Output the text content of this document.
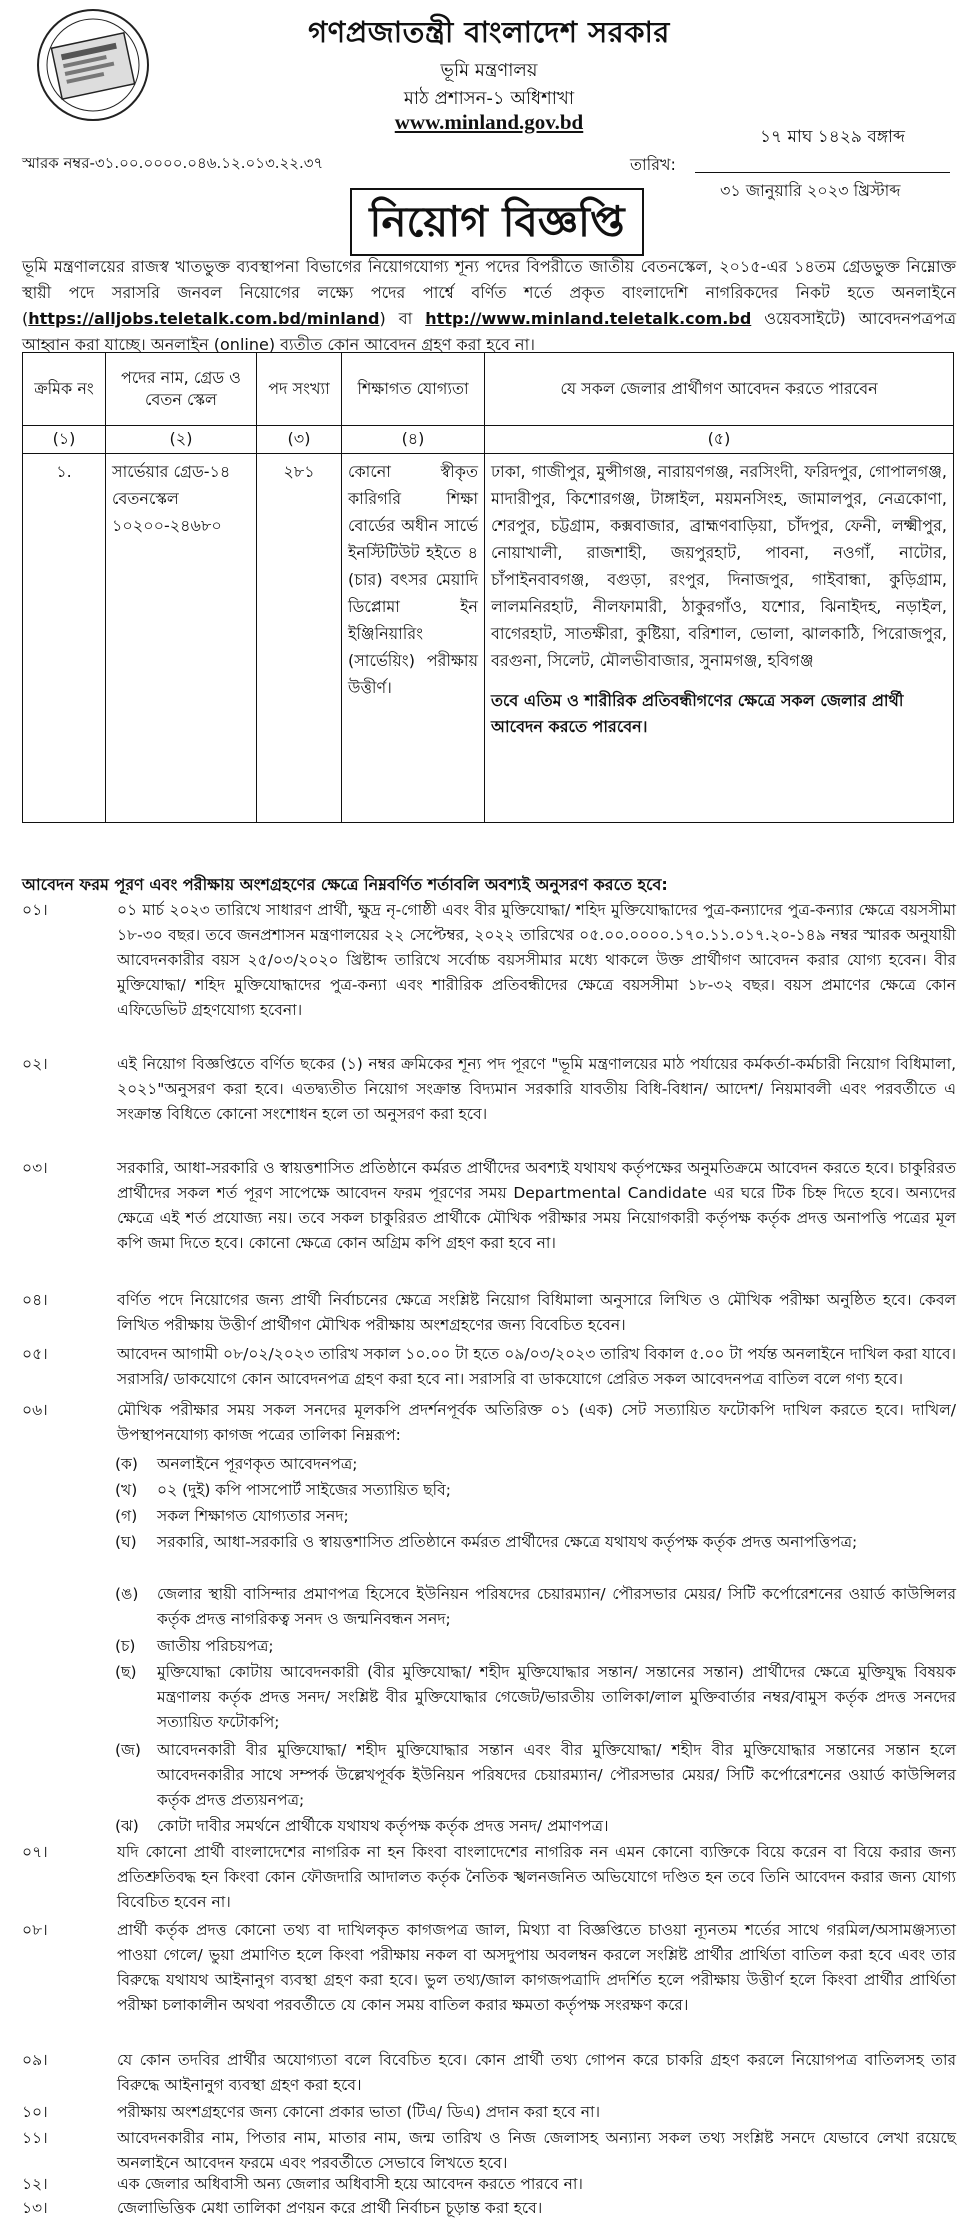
গণপ্রজাতন্ত্রী বাংলাদেশ সরকার
ভূমি মন্ত্রণালয়
মাঠ প্রশাসন-১ অধিশাখা
www.minland.gov.bd
১৭ মাঘ ১৪২৯ বঙ্গাব্দ
স্মারক নম্বর-৩১.০০.০০০০.০৪৬.১২.০১৩.২২.৩৭	তারিখ:
৩১ জানুয়ারি ২০২৩ খ্রিস্টাব্দ
নিয়োগ বিজ্ঞপ্তি
ভূমি মন্ত্রণালয়ের রাজস্ব খাতভুক্ত ব্যবস্থাপনা বিভাগের নিয়োগযোগ্য শূন্য পদের বিপরীতে জাতীয় বেতনস্কেল, ২০১৫-এর ১৪তম গ্রেডভুক্ত নিম্নোক্ত স্থায়ী পদে সরাসরি জনবল নিয়োগের লক্ষ্যে পদের পার্শ্বে বর্ণিত শর্তে প্রকৃত বাংলাদেশি নাগরিকদের নিকট হতে অনলাইনে (https://alljobs.teletalk.com.bd/minland) বা http://www.minland.teletalk.com.bd ওয়েবসাইটে) আবেদনপত্রপত্র আহ্বান করা যাচ্ছে। অনলাইন (online) ব্যতীত কোন আবেদন গ্রহণ করা হবে না।
ক্রমিক নং	পদের নাম, গ্রেড ও বেতন স্কেল	পদ সংখ্যা	শিক্ষাগত যোগ্যতা	যে সকল জেলার প্রার্থীগণ আবেদন করতে পারবেন
(১)	(২)	(৩)	(৪)	(৫)
১.	সার্ভেয়ার গ্রেড-১৪ বেতনস্কেল ১০২০০-২৪৬৮০	২৮১	কোনো স্বীকৃত কারিগরি শিক্ষা বোর্ডের অধীন সার্ভে ইনস্টিটিউট হইতে ৪ (চার) বৎসর মেয়াদি ডিপ্লোমা ইন ইঞ্জিনিয়ারিং (সার্ভেয়িং) পরীক্ষায় উত্তীর্ণ।	ঢাকা, গাজীপুর, মুন্সীগঞ্জ, নারায়ণগঞ্জ, নরসিংদী, ফরিদপুর, গোপালগঞ্জ, মাদারীপুর, কিশোরগঞ্জ, টাঙ্গাইল, ময়মনসিংহ, জামালপুর, নেত্রকোণা, শেরপুর, চট্টগ্রাম, কক্সবাজার, ব্রাহ্মণবাড়িয়া, চাঁদপুর, ফেনী, লক্ষ্মীপুর, নোয়াখালী, রাজশাহী, জয়পুরহাট, পাবনা, নওগাঁ, নাটোর, চাঁপাইনবাবগঞ্জ, বগুড়া, রংপুর, দিনাজপুর, গাইবান্ধা, কুড়িগ্রাম, লালমনিরহাট, নীলফামারী, ঠাকুরগাঁও, যশোর, ঝিনাইদহ, নড়াইল, বাগেরহাট, সাতক্ষীরা, কুষ্টিয়া, বরিশাল, ভোলা, ঝালকাঠি, পিরোজপুর, বরগুনা, সিলেট, মৌলভীবাজার, সুনামগঞ্জ, হবিগঞ্জ
তবে এতিম ও শারীরিক প্রতিবন্ধীগণের ক্ষেত্রে সকল জেলার প্রার্থী আবেদন করতে পারবেন।
আবেদন ফরম পূরণ এবং পরীক্ষায় অংশগ্রহণের ক্ষেত্রে নিম্নবর্ণিত শর্তাবলি অবশ্যই অনুসরণ করতে হবে:
০১।	০১ মার্চ ২০২৩ তারিখে সাধারণ প্রার্থী, ক্ষুদ্র নৃ-গোষ্ঠী এবং বীর মুক্তিযোদ্ধা/ শহিদ মুক্তিযোদ্ধাদের পুত্র-কন্যাদের পুত্র-কন্যার ক্ষেত্রে বয়সসীমা ১৮-৩০ বছর। তবে জনপ্রশাসন মন্ত্রণালয়ের ২২ সেপ্টেম্বর, ২০২২ তারিখের ০৫.০০.০০০০.১৭০.১১.০১৭.২০-১৪৯ নম্বর স্মারক অনুযায়ী আবেদনকারীর বয়স ২৫/০৩/২০২০ খ্রিষ্টাব্দ তারিখে সর্বোচ্চ বয়সসীমার মধ্যে থাকলে উক্ত প্রার্থীগণ আবেদন করার যোগ্য হবেন। বীর মুক্তিযোদ্ধা/ শহিদ মুক্তিযোদ্ধাদের পুত্র-কন্যা এবং শারীরিক প্রতিবন্ধীদের ক্ষেত্রে বয়সসীমা ১৮-৩২ বছর। বয়স প্রমাণের ক্ষেত্রে কোন এফিডেভিট গ্রহণযোগ্য হবেনা।
০২।	এই নিয়োগ বিজ্ঞপ্তিতে বর্ণিত ছকের (১) নম্বর ক্রমিকের শূন্য পদ পূরণে "ভূমি মন্ত্রণালয়ের মাঠ পর্যায়ের কর্মকর্তা-কর্মচারী নিয়োগ বিধিমালা, ২০২১"অনুসরণ করা হবে। এতদ্ব্যতীত নিয়োগ সংক্রান্ত বিদ্যমান সরকারি যাবতীয় বিধি-বিধান/ আদেশ/ নিয়মাবলী এবং পরবর্তীতে এ সংক্রান্ত বিধিতে কোনো সংশোধন হলে তা অনুসরণ করা হবে।
০৩।	সরকারি, আধা-সরকারি ও স্বায়ত্তশাসিত প্রতিষ্ঠানে কর্মরত প্রার্থীদের অবশ্যই যথাযথ কর্তৃপক্ষের অনুমতিক্রমে আবেদন করতে হবে। চাকুরিরত প্রার্থীদের সকল শর্ত পূরণ সাপেক্ষে আবেদন ফরম পূরণের সময় Departmental Candidate এর ঘরে টিক চিহ্ন দিতে হবে। অন্যদের ক্ষেত্রে এই শর্ত প্রযোজ্য নয়। তবে সকল চাকুরিরত প্রার্থীকে মৌখিক পরীক্ষার সময় নিয়োগকারী কর্তৃপক্ষ কর্তৃক প্রদত্ত অনাপত্তি পত্রের মূল কপি জমা দিতে হবে। কোনো ক্ষেত্রে কোন অগ্রিম কপি গ্রহণ করা হবে না।
০৪।	বর্ণিত পদে নিয়োগের জন্য প্রার্থী নির্বাচনের ক্ষেত্রে সংশ্লিষ্ট নিয়োগ বিধিমালা অনুসারে লিখিত ও মৌখিক পরীক্ষা অনুষ্ঠিত হবে। কেবল লিখিত পরীক্ষায় উত্তীর্ণ প্রার্থীগণ মৌখিক পরীক্ষায় অংশগ্রহণের জন্য বিবেচিত হবেন।
০৫।	আবেদন আগামী ০৮/০২/২০২৩ তারিখ সকাল ১০.০০ টা হতে ০৯/০৩/২০২৩ তারিখ বিকাল ৫.০০ টা পর্যন্ত অনলাইনে দাখিল করা যাবে। সরাসরি/ ডাকযোগে কোন আবেদনপত্র গ্রহণ করা হবে না। সরাসরি বা ডাকযোগে প্রেরিত সকল আবেদনপত্র বাতিল বলে গণ্য হবে।
০৬।	মৌখিক পরীক্ষার সময় সকল সনদের মূলকপি প্রদর্শনপূর্বক অতিরিক্ত ০১ (এক) সেট সত্যায়িত ফটোকপি দাখিল করতে হবে। দাখিল/ উপস্থাপনযোগ্য কাগজ পত্রের তালিকা নিম্নরূপ:
(ক) অনলাইনে পূরণকৃত আবেদনপত্র;
(খ) ০২ (দুই) কপি পাসপোর্ট সাইজের সত্যায়িত ছবি;
(গ) সকল শিক্ষাগত যোগ্যতার সনদ;
(ঘ) সরকারি, আধা-সরকারি ও স্বায়ত্তশাসিত প্রতিষ্ঠানে কর্মরত প্রার্থীদের ক্ষেত্রে যথাযথ কর্তৃপক্ষ কর্তৃক প্রদত্ত অনাপত্তিপত্র;
(ঙ) জেলার স্থায়ী বাসিন্দার প্রমাণপত্র হিসেবে ইউনিয়ন পরিষদের চেয়ারম্যান/ পৌরসভার মেয়র/ সিটি কর্পোরেশনের ওয়ার্ড কাউন্সিলর কর্তৃক প্রদত্ত নাগরিকত্ব সনদ ও জন্মনিবন্ধন সনদ;
(চ) জাতীয় পরিচয়পত্র;
(ছ) মুক্তিযোদ্ধা কোটায় আবেদনকারী (বীর মুক্তিযোদ্ধা/ শহীদ মুক্তিযোদ্ধার সন্তান/ সন্তানের সন্তান) প্রার্থীদের ক্ষেত্রে মুক্তিযুদ্ধ বিষয়ক মন্ত্রণালয় কর্তৃক প্রদত্ত সনদ/ সংশ্লিষ্ট বীর মুক্তিযোদ্ধার গেজেট/ভারতীয় তালিকা/লাল মুক্তিবার্তার নম্বর/বামুস কর্তৃক প্রদত্ত সনদের সত্যায়িত ফটোকপি;
(জ) আবেদনকারী বীর মুক্তিযোদ্ধা/ শহীদ মুক্তিযোদ্ধার সন্তান এবং বীর মুক্তিযোদ্ধা/ শহীদ বীর মুক্তিযোদ্ধার সন্তানের সন্তান হলে আবেদনকারীর সাথে সম্পর্ক উল্লেখপূর্বক ইউনিয়ন পরিষদের চেয়ারম্যান/ পৌরসভার মেয়র/ সিটি কর্পোরেশনের ওয়ার্ড কাউন্সিলর কর্তৃক প্রদত্ত প্রত্যয়নপত্র;
(ঝ) কোটা দাবীর সমর্থনে প্রার্থীকে যথাযথ কর্তৃপক্ষ কর্তৃক প্রদত্ত সনদ/ প্রমাণপত্র।
০৭।	যদি কোনো প্রার্থী বাংলাদেশের নাগরিক না হন কিংবা বাংলাদেশের নাগরিক নন এমন কোনো ব্যক্তিকে বিয়ে করেন বা বিয়ে করার জন্য প্রতিশ্রুতিবদ্ধ হন কিংবা কোন ফৌজদারি আদালত কর্তৃক নৈতিক স্খলনজনিত অভিযোগে দণ্ডিত হন তবে তিনি আবেদন করার জন্য যোগ্য বিবেচিত হবেন না।
০৮।	প্রার্থী কর্তৃক প্রদত্ত কোনো তথ্য বা দাখিলকৃত কাগজপত্র জাল, মিথ্যা বা বিজ্ঞপ্তিতে চাওয়া ন্যূনতম শর্তের সাথে গরমিল/অসামঞ্জস্যতা পাওয়া গেলে/ ভুয়া প্রমাণিত হলে কিংবা পরীক্ষায় নকল বা অসদুপায় অবলম্বন করলে সংশ্লিষ্ট প্রার্থীর প্রার্থিতা বাতিল করা হবে এবং তার বিরুদ্ধে যথাযথ আইনানুগ ব্যবস্থা গ্রহণ করা হবে। ভুল তথ্য/জাল কাগজপত্রাদি প্রদর্শিত হলে পরীক্ষায় উত্তীর্ণ হলে কিংবা প্রার্থীর প্রার্থিতা পরীক্ষা চলাকালীন অথবা পরবর্তীতে যে কোন সময় বাতিল করার ক্ষমতা কর্তৃপক্ষ সংরক্ষণ করে।
০৯।	যে কোন তদবির প্রার্থীর অযোগ্যতা বলে বিবেচিত হবে। কোন প্রার্থী তথ্য গোপন করে চাকরি গ্রহণ করলে নিয়োগপত্র বাতিলসহ তার বিরুদ্ধে আইনানুগ ব্যবস্থা গ্রহণ করা হবে।
১০।	পরীক্ষায় অংশগ্রহণের জন্য কোনো প্রকার ভাতা (টিএ/ ডিএ) প্রদান করা হবে না।
১১।	আবেদনকারীর নাম, পিতার নাম, মাতার নাম, জন্ম তারিখ ও নিজ জেলাসহ অন্যান্য সকল তথ্য সংশ্লিষ্ট সনদে যেভাবে লেখা রয়েছে অনলাইনে আবেদন ফরমে এবং পরবর্তীতে সেভাবে লিখতে হবে।
১২।	এক জেলার অধিবাসী অন্য জেলার অধিবাসী হয়ে আবেদন করতে পারবে না।
১৩।	জেলাভিত্তিক মেধা তালিকা প্রণয়ন করে প্রার্থী নির্বাচন চূড়ান্ত করা হবে।
